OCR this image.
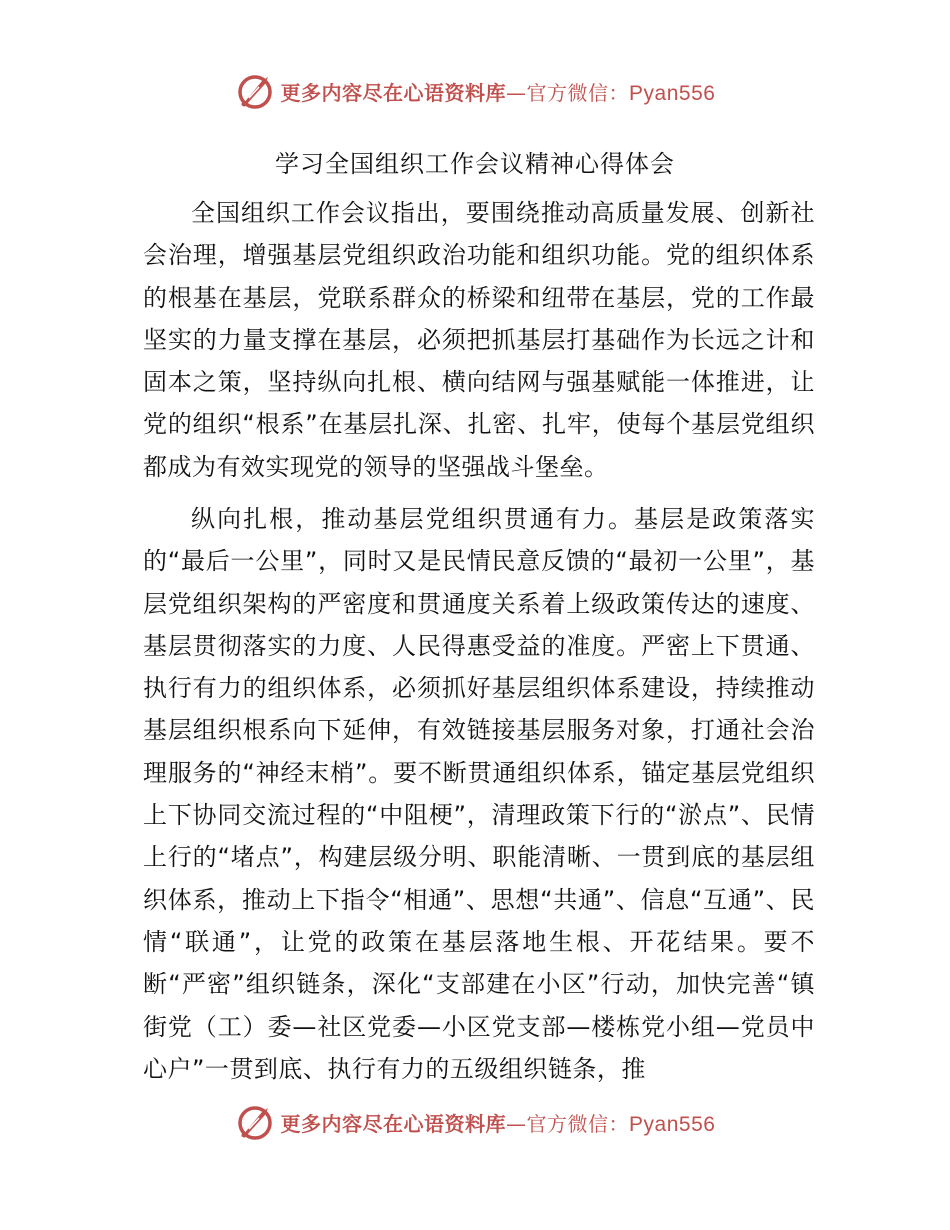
更多内容尽在心语资料库—官方微信：Pyan556
学习全国组织工作会议精神心得体会

全国组织工作会议指出，要围绕推动高质量发展、创新社会治理，增强基层党组织政治功能和组织功能。党的组织体系的根基在基层，党联系群众的桥梁和纽带在基层，党的工作最坚实的力量支撑在基层，必须把抓基层打基础作为长远之计和固本之策，坚持纵向扎根、横向结网与强基赋能一体推进，让党的组织“根系”在基层扎深、扎密、扎牢，使每个基层党组织都成为有效实现党的领导的坚强战斗堡垒。

纵向扎根，推动基层党组织贯通有力。基层是政策落实的“最后一公里”，同时又是民情民意反馈的“最初一公里”，基层党组织架构的严密度和贯通度关系着上级政策传达的速度、基层贯彻落实的力度、人民得惠受益的准度。严密上下贯通、执行有力的组织体系，必须抓好基层组织体系建设，持续推动基层组织根系向下延伸，有效链接基层服务对象，打通社会治理服务的“神经末梢”。要不断贯通组织体系，锚定基层党组织上下协同交流过程的“中阻梗”，清理政策下行的“淤点”、民情上行的“堵点”，构建层级分明、职能清晰、一贯到底的基层组织体系，推动上下指令“相通”、思想“共通”、信息“互通”、民情“联通”，让党的政策在基层落地生根、开花结果。要不断“严密”组织链条，深化“支部建在小区”行动，加快完善“镇街党（工）委—社区党委—小区党支部—楼栋党小组—党员中心户”一贯到底、执行有力的五级组织链条，推

更多内容尽在心语资料库—官方微信：Pyan556
